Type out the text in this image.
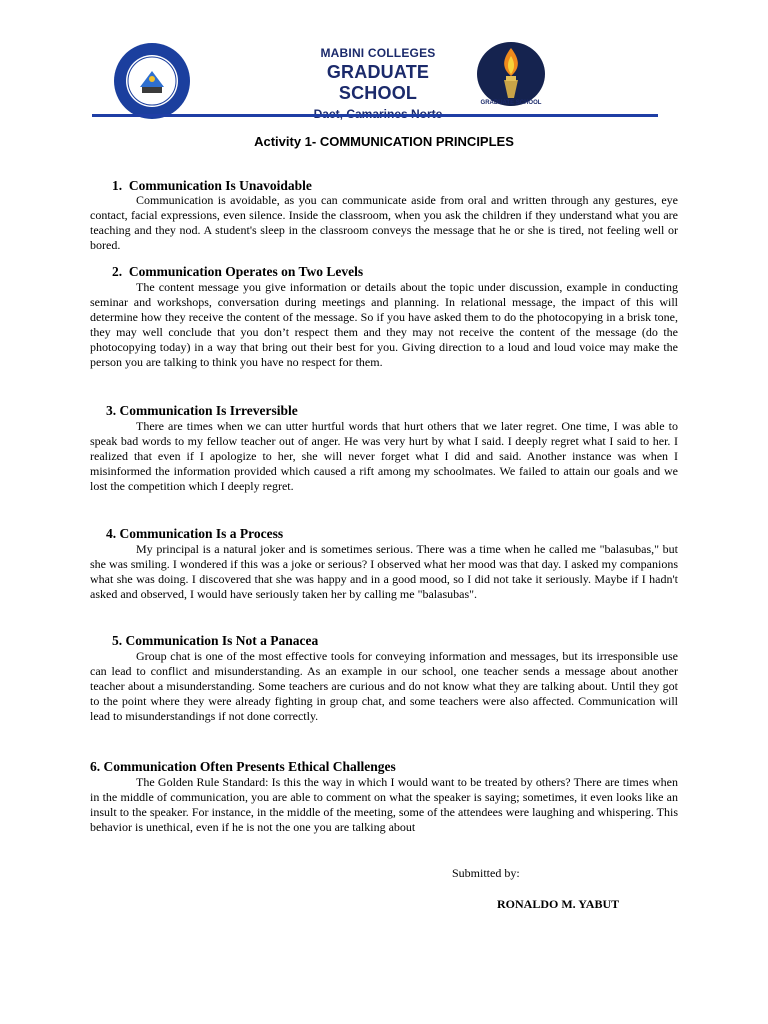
MABINI COLLEGES
GRADUATE SCHOOL	GRADUATE SCHOOL
Activity 1- COMMUNICATION PRINCIPLES

1.  Communication Is Unavoidable

Communication is avoidable, as you can communicate aside from oral and written through any gestures, eye contact, facial expressions, even silence. Inside the classroom, when you ask the children if they understand what you are teaching and they nod. A student's sleep in the classroom conveys the message that he or she is tired, not feeling well or bored.

2.  Communication Operates on Two Levels

The content message you give information or details about the topic under discussion, example in conducting seminar and workshops, conversation during meetings and planning. In relational message, the impact of this will determine how they receive the content of the message. So if you have asked them to do the photocopying in a brisk tone, they may well conclude that you don’t respect them and they may not receive the content of the message (do the photocopying today) in a way that bring out their best for you. Giving direction to a loud and loud voice may make the person you are talking to think you have no respect for them.

3. Communication Is Irreversible

There are times when we can utter hurtful words that hurt others that we later regret. One time, I was able to speak bad words to my fellow teacher out of anger. He was very hurt by what I said. I deeply regret what I said to her. I realized that even if I apologize to her, she will never forget what I did and said. Another instance was when I misinformed the information provided which caused a rift among my schoolmates. We failed to attain our goals and we lost the competition which I deeply regret.

4. Communication Is a Process

My principal is a natural joker and is sometimes serious. There was a time when he called me "balasubas," but she was smiling. I wondered if this was a joke or serious? I observed what her mood was that day. I asked my companions what she was doing. I discovered that she was happy and in a good mood, so I did not take it seriously. Maybe if I hadn't asked and observed, I would have seriously taken her by calling me "balasubas".

5. Communication Is Not a Panacea

Group chat is one of the most effective tools for conveying information and messages, but its irresponsible use can lead to conflict and misunderstanding. As an example in our school, one teacher sends a message about another teacher about a misunderstanding. Some teachers are curious and do not know what they are talking about. Until they got to the point where they were already fighting in group chat, and some teachers were also affected. Communication will lead to misunderstandings if not done correctly.

6. Communication Often Presents Ethical Challenges

The Golden Rule Standard: Is this the way in which I would want to be treated by others? There are times when in the middle of communication, you are able to comment on what the speaker is saying; sometimes, it even looks like an insult to the speaker. For instance, in the middle of the meeting, some of the attendees were laughing and whispering. This behavior is unethical, even if he is not the one you are talking about

Submitted by:
RONALDO M. YABUT
